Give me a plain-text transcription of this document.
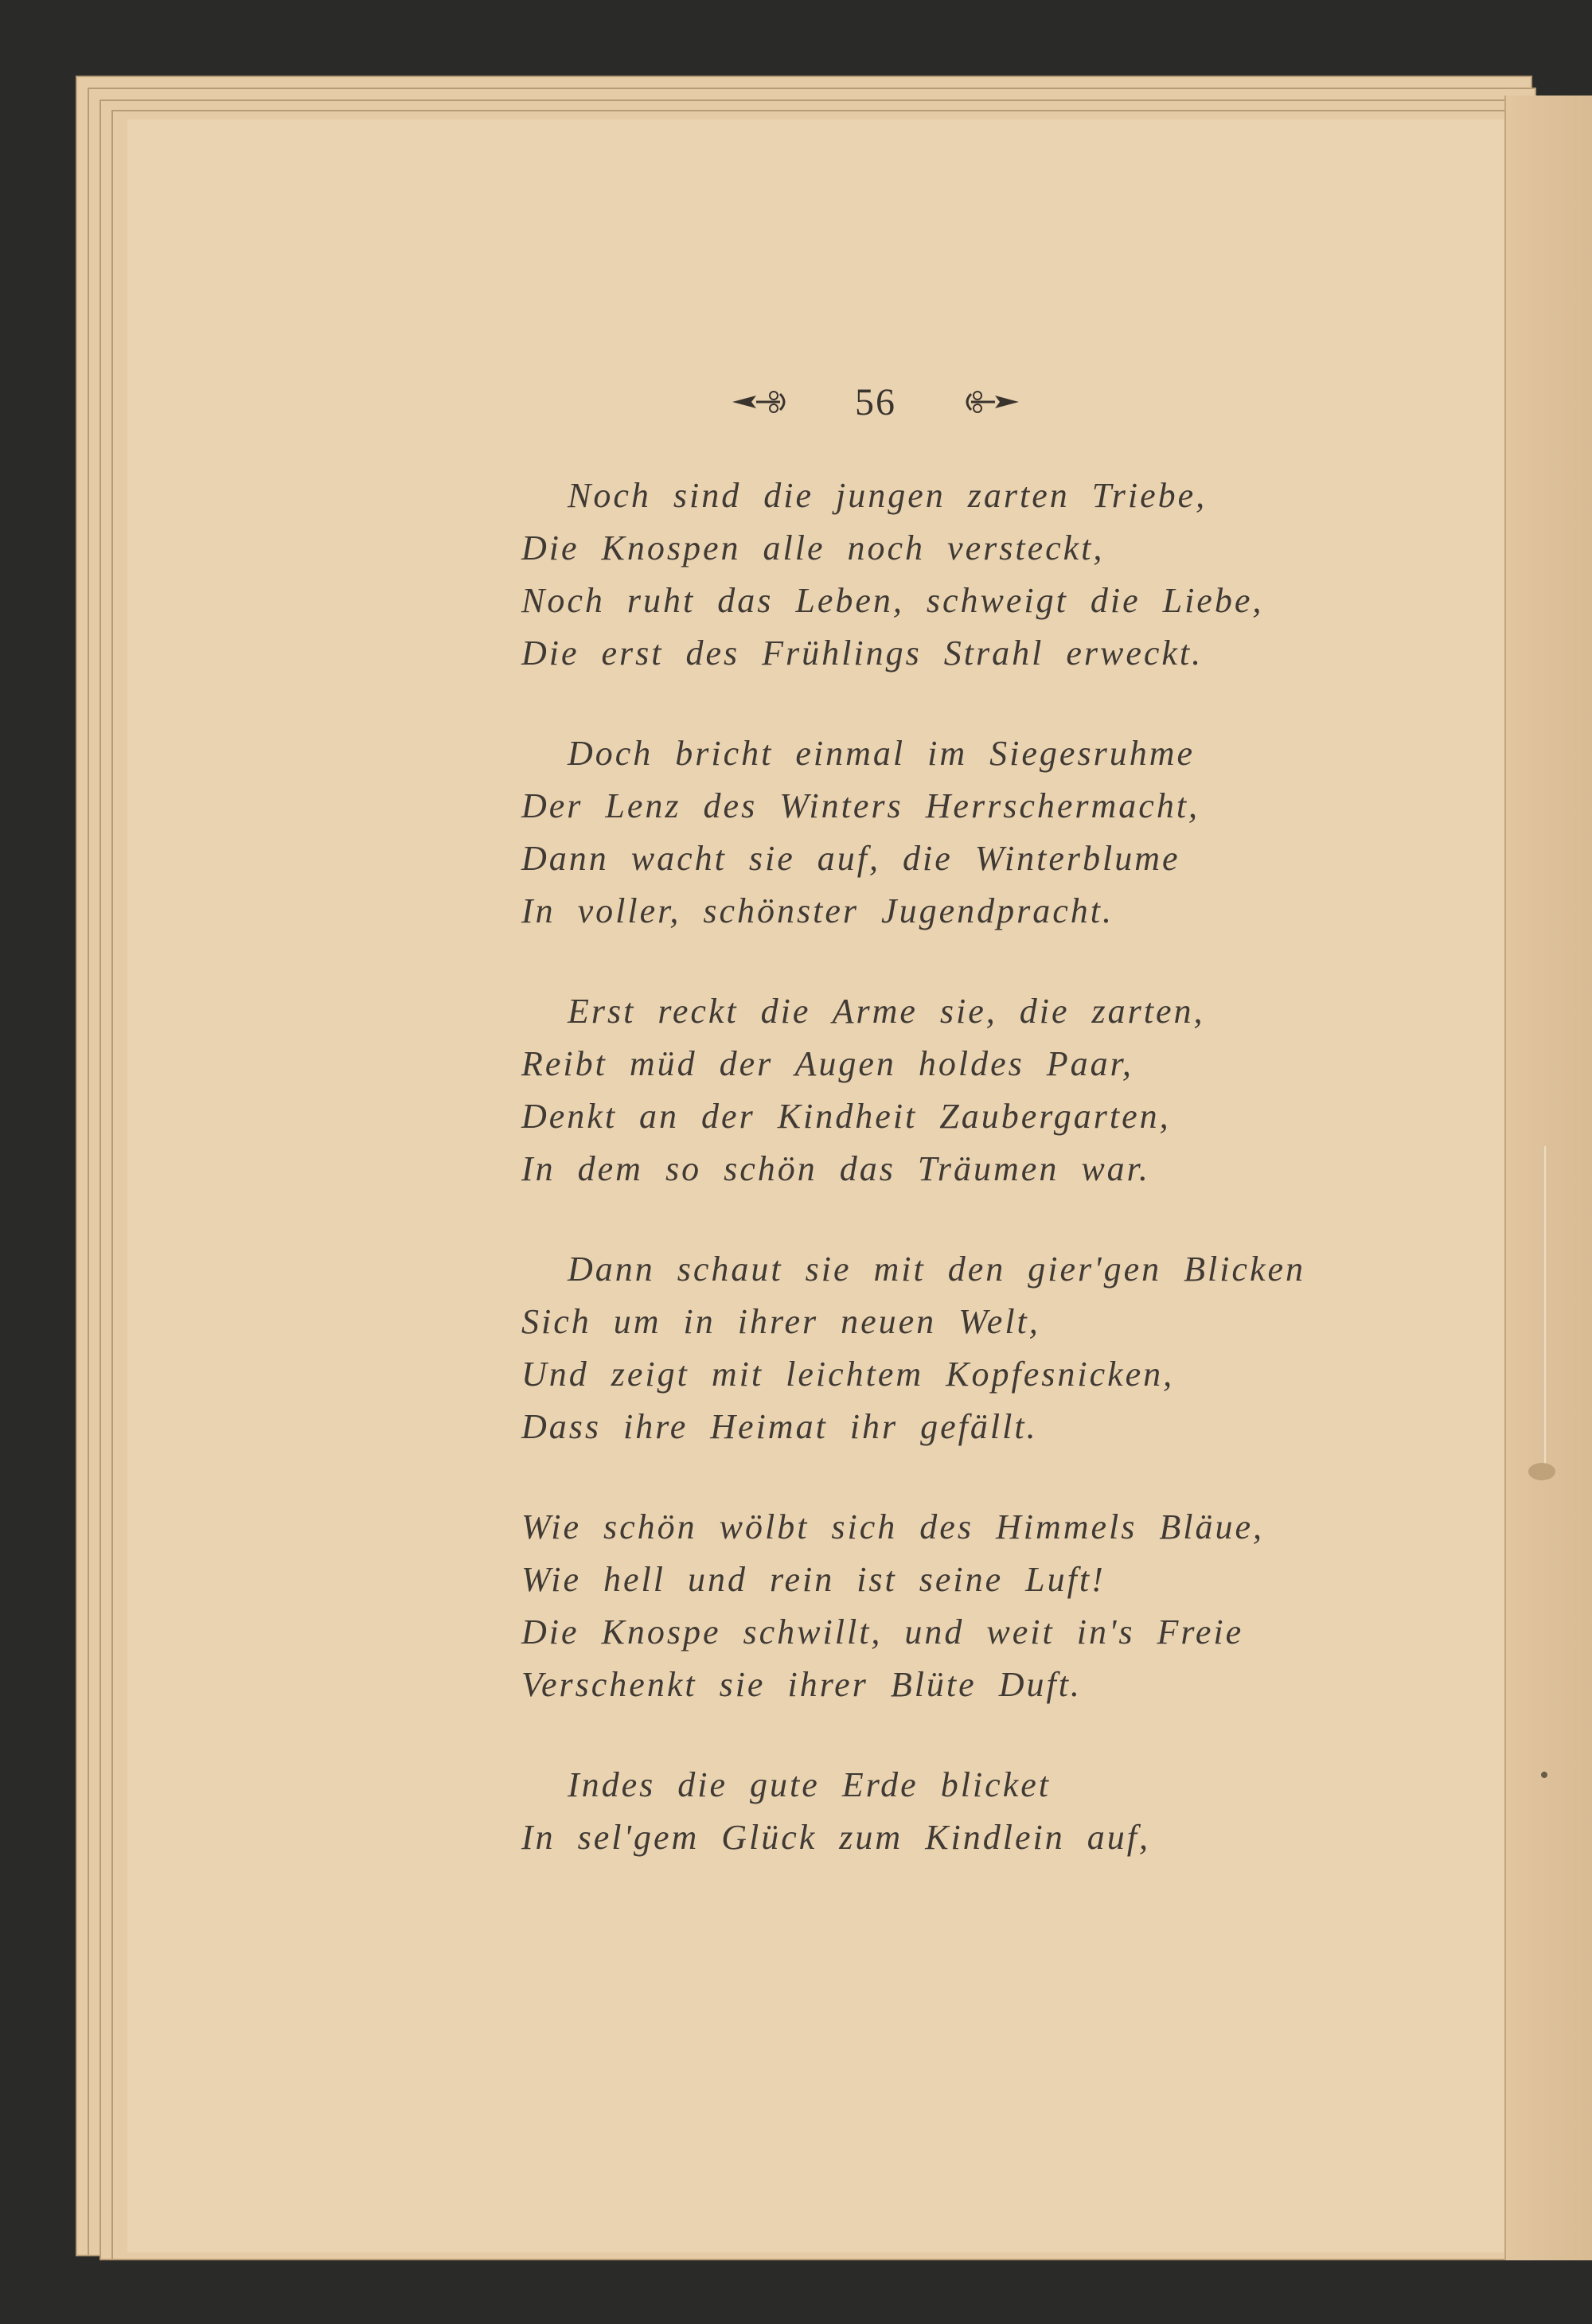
56
Noch sind die jungen zarten Triebe,
Die Knospen alle noch versteckt,
Noch ruht das Leben, schweigt die Liebe,
Die erst des Frühlings Strahl erweckt.
Doch bricht einmal im Siegesruhme
Der Lenz des Winters Herrschermacht,
Dann wacht sie auf, die Winterblume
In voller, schönster Jugendpracht.
Erst reckt die Arme sie, die zarten,
Reibt müd der Augen holdes Paar,
Denkt an der Kindheit Zaubergarten,
In dem so schön das Träumen war.
Dann schaut sie mit den gier'gen Blicken
Sich um in ihrer neuen Welt,
Und zeigt mit leichtem Kopfesnicken,
Dass ihre Heimat ihr gefällt.
Wie schön wölbt sich des Himmels Bläue,
Wie hell und rein ist seine Luft!
Die Knospe schwillt, und weit in's Freie
Verschenkt sie ihrer Blüte Duft.
Indes die gute Erde blicket
In sel'gem Glück zum Kindlein auf,
